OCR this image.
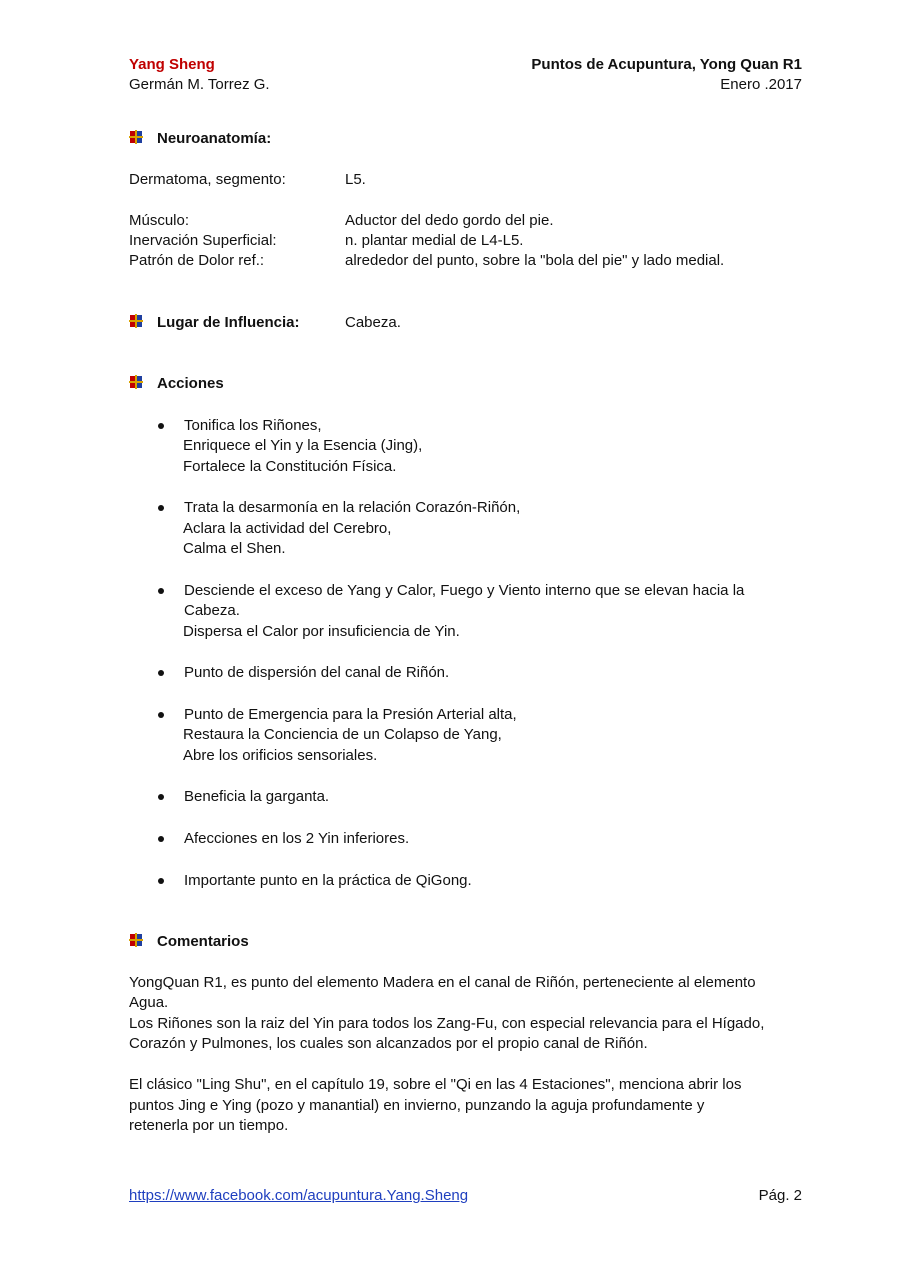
Yang Sheng
Germán M. Torrez G.
Puntos de Acupuntura, Yong Quan R1
Enero .2017
Neuroanatomía:
Dermatoma, segmento:	L5.
Músculo:	Aductor del dedo gordo del pie.
Inervación Superficial:	n. plantar medial de L4-L5.
Patrón de Dolor ref.:	alrededor del punto, sobre la "bola del pie" y lado medial.
Lugar de Influencia:	Cabeza.
Acciones
Tonifica los Riñones,
Enriquece el Yin y la Esencia (Jing),
Fortalece la Constitución Física.
Trata la desarmonía en la relación Corazón-Riñón,
Aclara la actividad del Cerebro,
Calma el Shen.
Desciende el exceso de Yang y Calor, Fuego y Viento interno que se elevan hacia la
Cabeza.
Dispersa el Calor por insuficiencia de Yin.
Punto de dispersión del canal de Riñón.
Punto de Emergencia para la Presión Arterial alta,
Restaura la Conciencia de un Colapso de Yang,
Abre los orificios sensoriales.
Beneficia la garganta.
Afecciones en los 2 Yin inferiores.
Importante punto en la práctica de QiGong.
Comentarios
YongQuan R1, es punto del elemento Madera en el canal de Riñón, perteneciente al elemento
Agua.
Los Riñones son la raiz del Yin para todos los Zang-Fu, con especial relevancia para el Hígado,
Corazón y Pulmones, los cuales son alcanzados por el propio canal de Riñón.
El clásico "Ling Shu", en el capítulo 19, sobre el "Qi en las 4 Estaciones", menciona abrir los
puntos Jing e Ying (pozo y manantial) en invierno, punzando la aguja profundamente y
retenerla por un tiempo.
https://www.facebook.com/acupuntura.Yang.Sheng	Pág. 2
